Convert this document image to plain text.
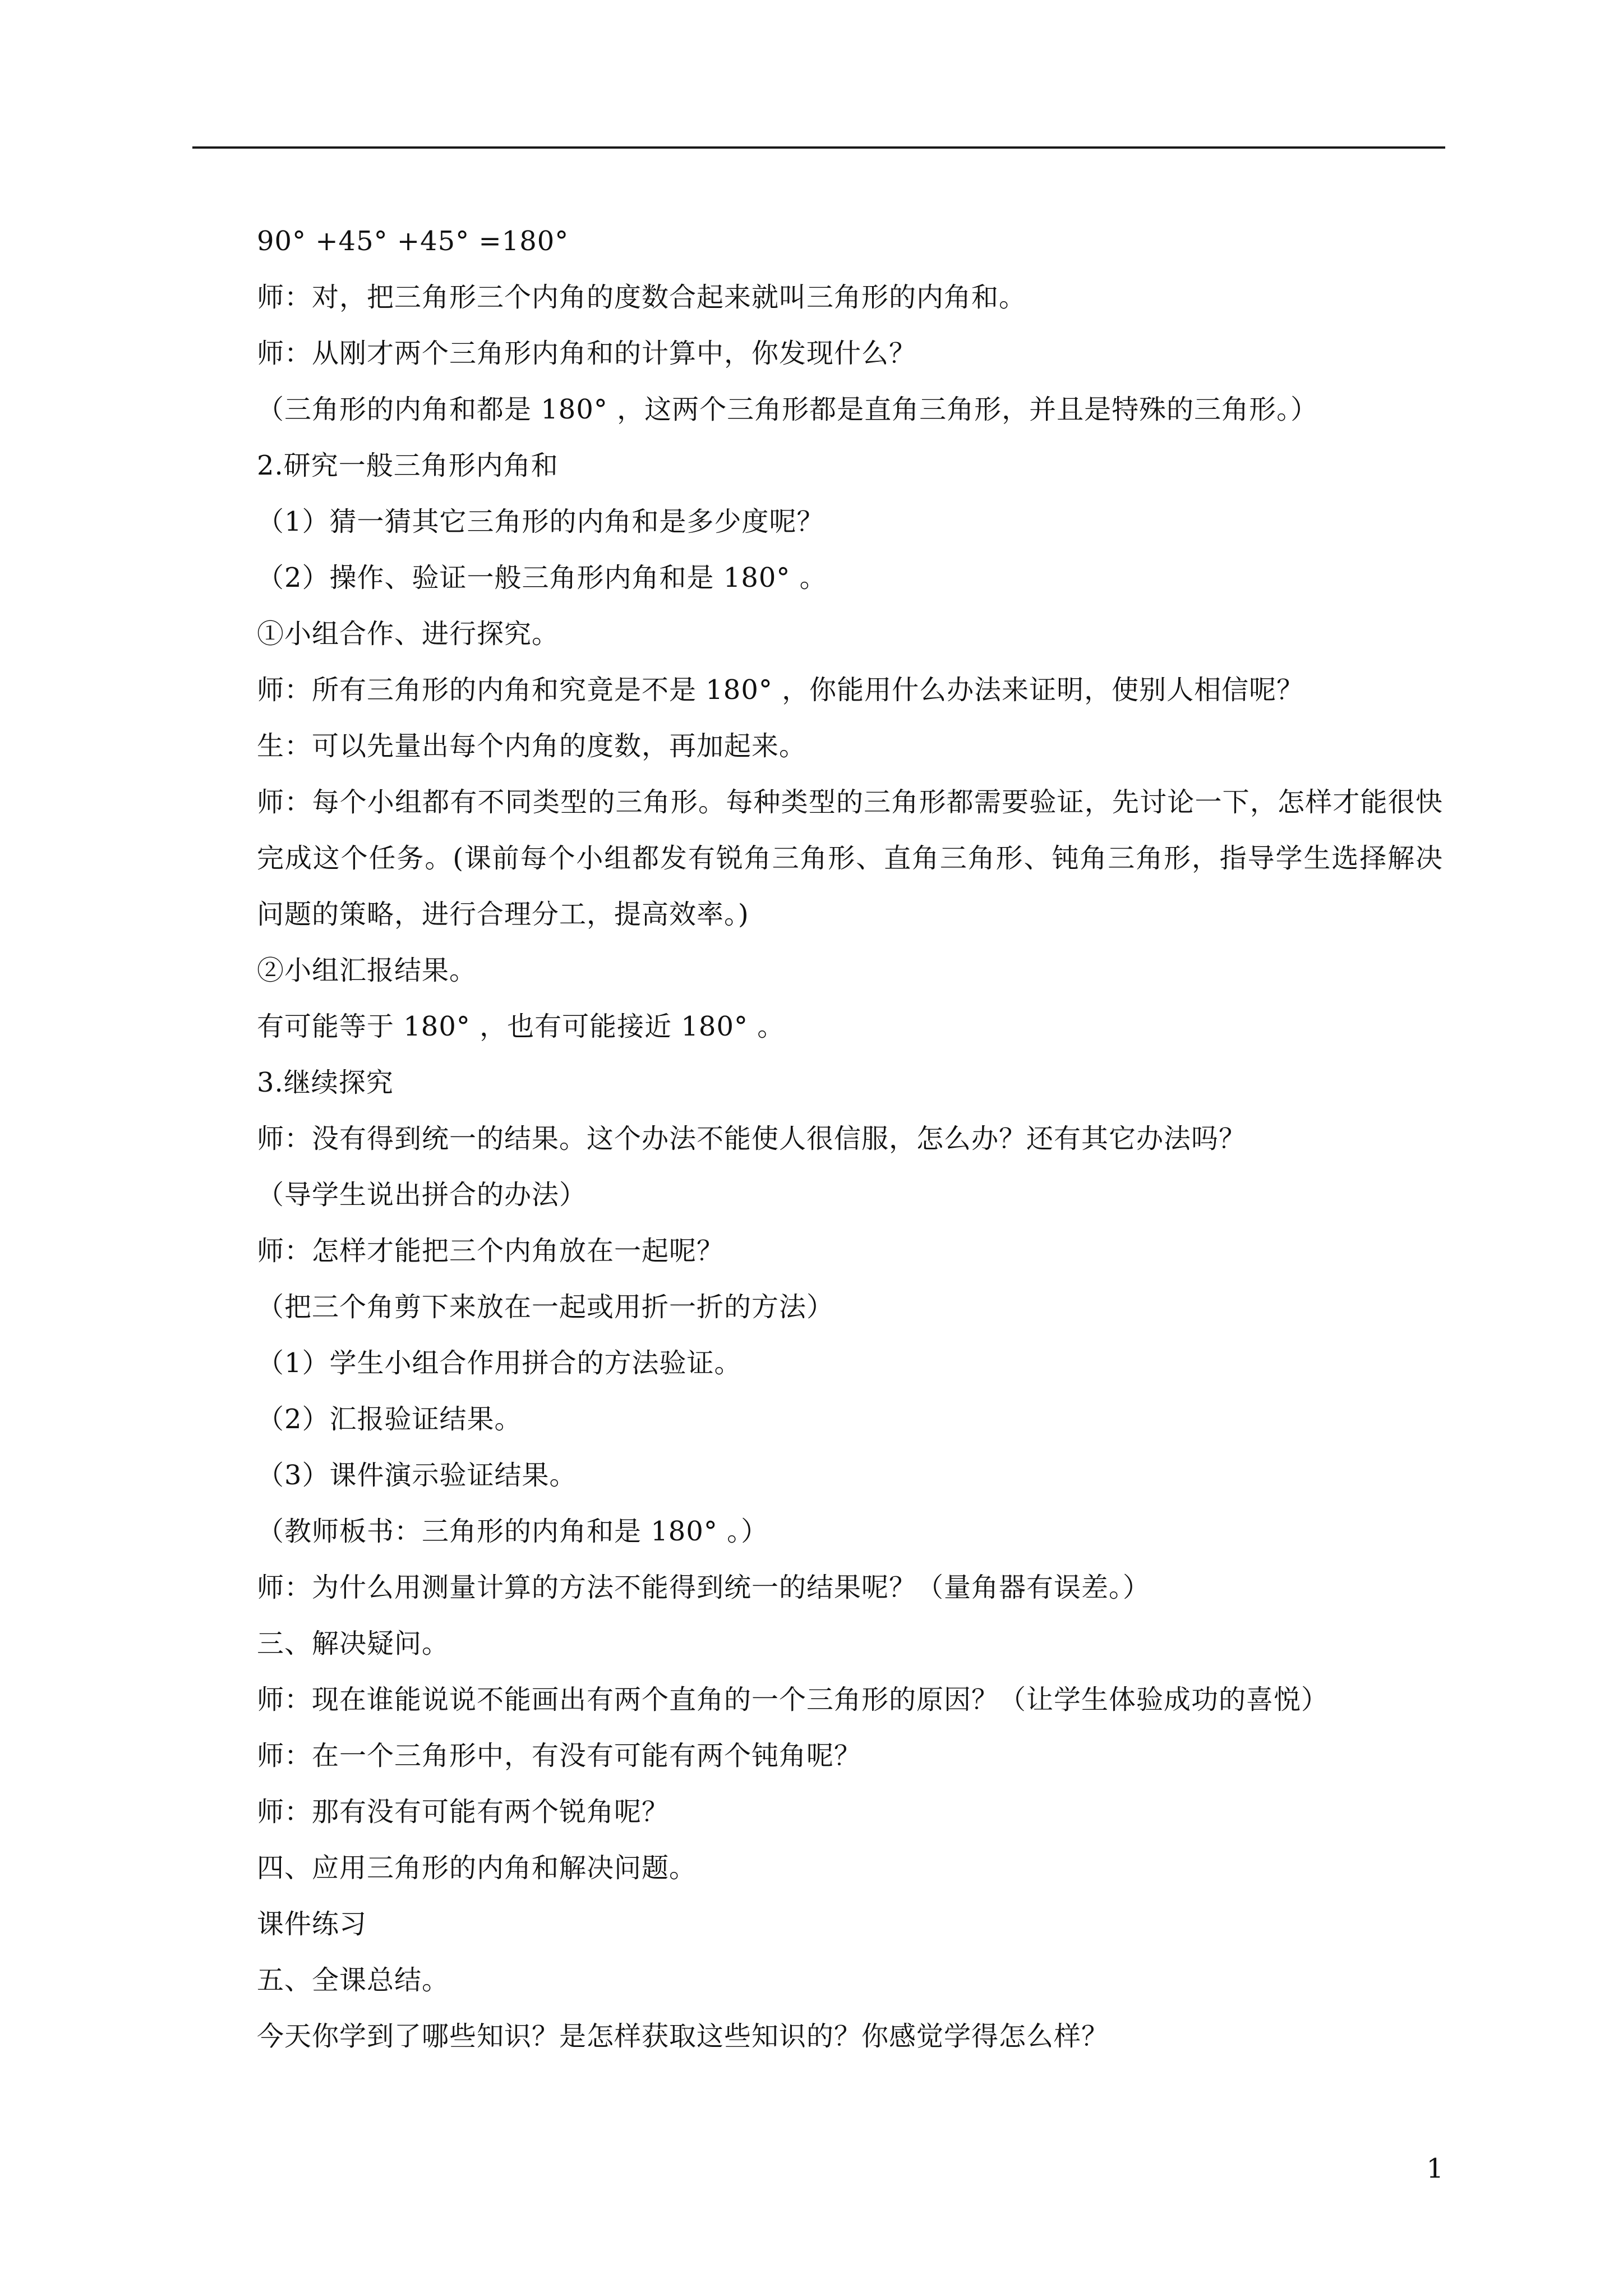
90° +45° +45° =180°
师：对，把三角形三个内角的度数合起来就叫三角形的内角和。
师：从刚才两个三角形内角和的计算中，你发现什么？
（三角形的内角和都是 180° ，这两个三角形都是直角三角形，并且是特殊的三角形。）
2.研究一般三角形内角和
（1）猜一猜其它三角形的内角和是多少度呢？
（2）操作、验证一般三角形内角和是 180° 。
①小组合作、进行探究。
师：所有三角形的内角和究竟是不是 180° ，你能用什么办法来证明，使别人相信呢？
生：可以先量出每个内角的度数，再加起来。
师：每个小组都有不同类型的三角形。每种类型的三角形都需要验证，先讨论一下，怎样才能很快完成这个任务。(课前每个小组都发有锐角三角形、直角三角形、钝角三角形，指导学生选择解决问题的策略，进行合理分工，提高效率。)
②小组汇报结果。
有可能等于 180° ，也有可能接近 180° 。
3.继续探究
师：没有得到统一的结果。这个办法不能使人很信服，怎么办？还有其它办法吗？
（导学生说出拼合的办法）
师：怎样才能把三个内角放在一起呢？
（把三个角剪下来放在一起或用折一折的方法）
（1）学生小组合作用拼合的方法验证。
（2）汇报验证结果。
（3）课件演示验证结果。
（教师板书：三角形的内角和是 180° 。）
师：为什么用测量计算的方法不能得到统一的结果呢？（量角器有误差。）
三、解决疑问。
师：现在谁能说说不能画出有两个直角的一个三角形的原因？（让学生体验成功的喜悦）
师：在一个三角形中，有没有可能有两个钝角呢？
师：那有没有可能有两个锐角呢？
四、应用三角形的内角和解决问题。
课件练习
五、全课总结。
今天你学到了哪些知识？是怎样获取这些知识的？你感觉学得怎么样？
1
